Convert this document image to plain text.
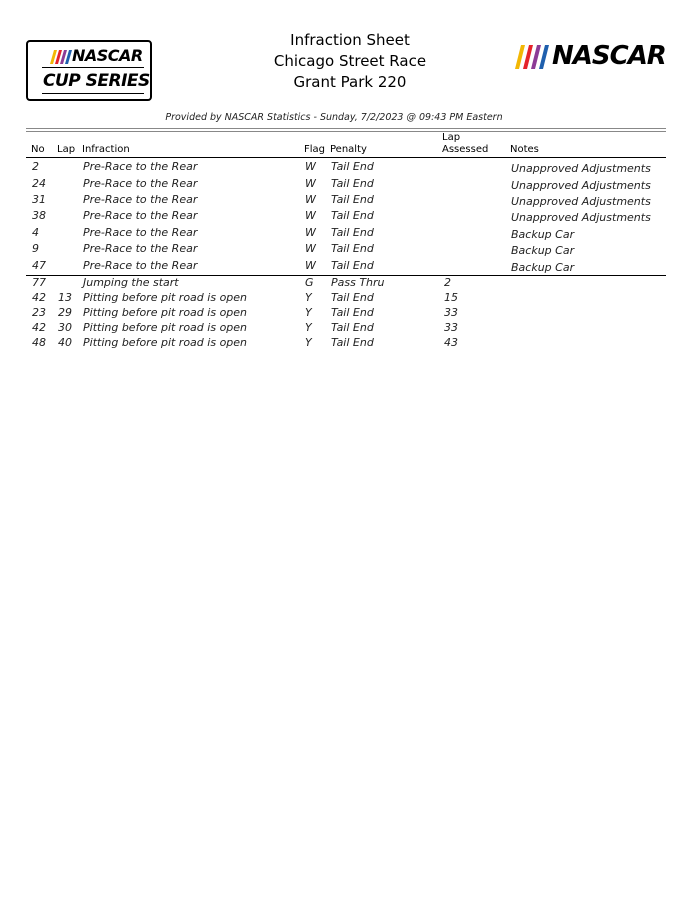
NASCAR
CUP SERIES
NASCAR
Infraction Sheet
Chicago Street Race
Grant Park 220
Provided by NASCAR Statistics - Sunday, 7/2/2023 @ 09:43 PM Eastern
No Lap Infraction	Flag Penalty
Lap
Assessed Notes
2	Pre-Race to the Rear	W Tail End	Unapproved Adjustments
24	Pre-Race to the Rear	W Tail End	Unapproved Adjustments
31	Pre-Race to the Rear	W Tail End	Unapproved Adjustments
38	Pre-Race to the Rear	W Tail End	Unapproved Adjustments
4	Pre-Race to the Rear	W Tail End	Backup Car
9	Pre-Race to the Rear	W Tail End	Backup Car
47	Pre-Race to the Rear	W Tail End	Backup Car
77	Jumping the start	G Pass Thru	2
42 13 Pitting before pit road is open	Y Tail End	15
23 29 Pitting before pit road is open	Y Tail End	33
42 30 Pitting before pit road is open	Y Tail End	33
48 40 Pitting before pit road is open	Y Tail End	43
